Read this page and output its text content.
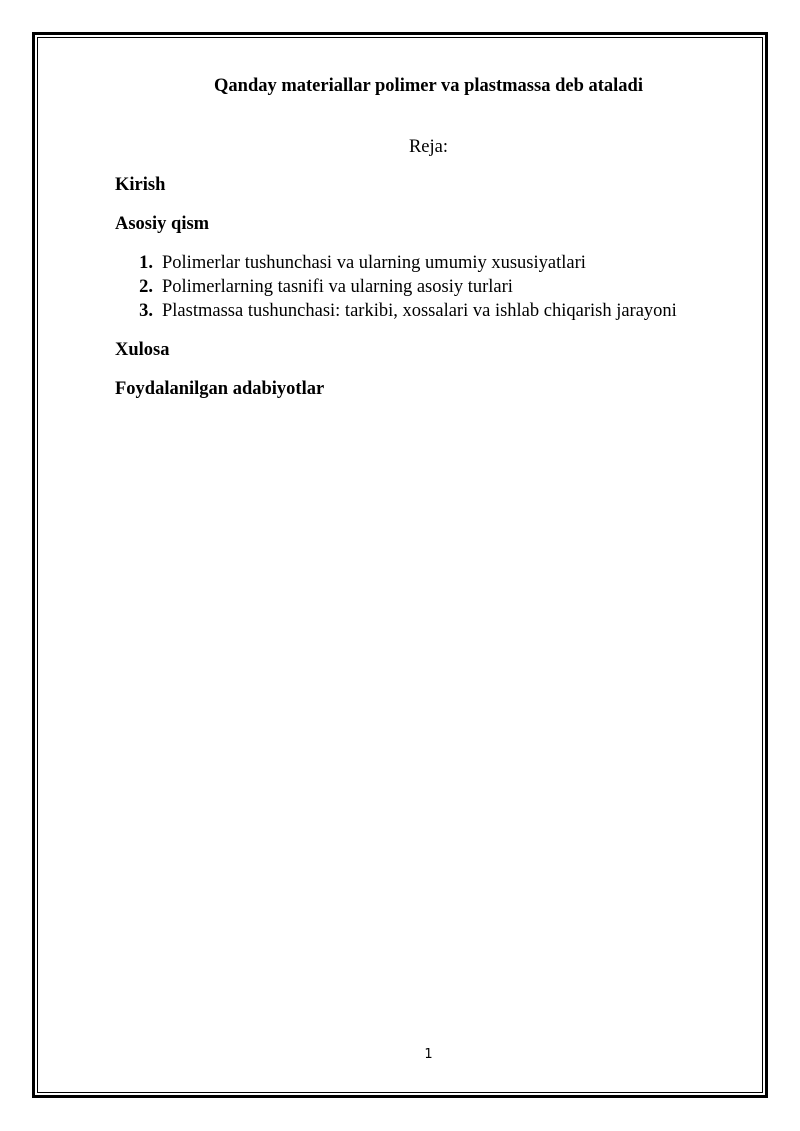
Qanday materiallar polimer va plastmassa deb ataladi
Reja:
Kirish
Asosiy qism
1. Polimerlar tushunchasi va ularning umumiy xususiyatlari
2. Polimerlarning tasnifi va ularning asosiy turlari
3. Plastmassa tushunchasi: tarkibi, xossalari va ishlab chiqarish jarayoni
Xulosa
Foydalanilgan adabiyotlar
1
